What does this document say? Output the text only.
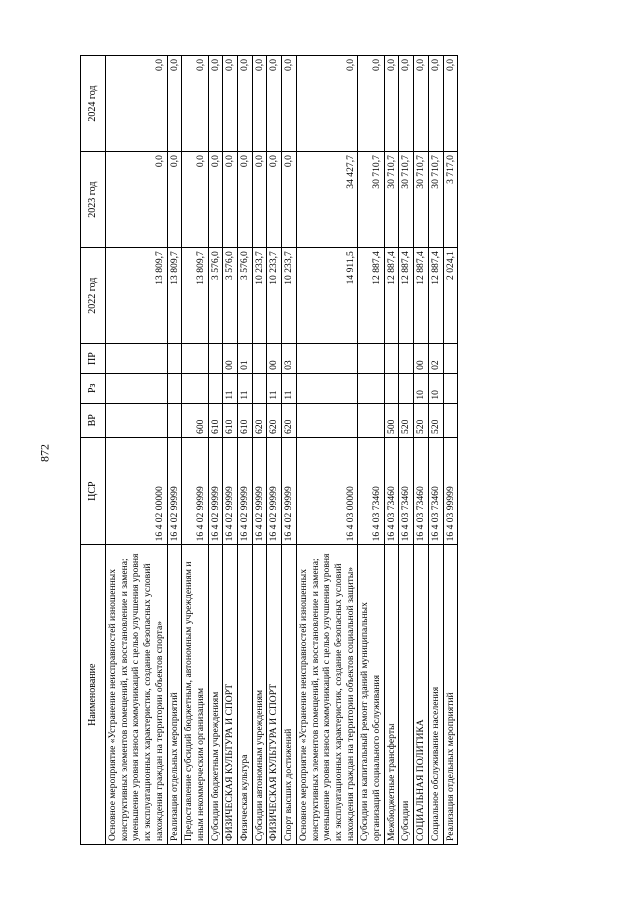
872
Наименование	ЦСР	ВР	Рз	ПР	2022 год	2023 год	2024 год
Основное мероприятие «Устранение неисправностей изношенных конструктивных элементов помещений, их восстановление и замена; уменьшение уровня износа коммуникаций с целью улучшения уровня их эксплуатационных характеристик, создание безопасных условий нахождения граждан на территории объектов спорта»	16 4 02 00000				13 809,7	0,0	0,0
Реализация отдельных мероприятий	16 4 02 99999				13 809,7	0,0	0,0
Предоставление субсидий бюджетным, автономным учреждениям и иным некоммерческим организациям	16 4 02 99999	600			13 809,7	0,0	0,0
Субсидии бюджетным учреждениям	16 4 02 99999	610			3 576,0	0,0	0,0
ФИЗИЧЕСКАЯ КУЛЬТУРА И СПОРТ	16 4 02 99999	610	11	00	3 576,0	0,0	0,0
Физическая культура	16 4 02 99999	610	11	01	3 576,0	0,0	0,0
Субсидии автономным учреждениям	16 4 02 99999	620			10 233,7	0,0	0,0
ФИЗИЧЕСКАЯ КУЛЬТУРА И СПОРТ	16 4 02 99999	620	11	00	10 233,7	0,0	0,0
Спорт высших достижений	16 4 02 99999	620	11	03	10 233,7	0,0	0,0
Основное мероприятие «Устранение неисправностей изношенных конструктивных элементов помещений, их восстановление и замена; уменьшение уровня износа коммуникаций с целью улучшения уровня их эксплуатационных характеристик, создание безопасных условий нахождения граждан на территории объектов социальной защиты»	16 4 03 00000				14 911,5	34 427,7	0,0
Субсидии на капитальный ремонт зданий муниципальных организаций социального обслуживания	16 4 03 73460				12 887,4	30 710,7	0,0
Межбюджетные трансферты	16 4 03 73460	500			12 887,4	30 710,7	0,0
Субсидии	16 4 03 73460	520			12 887,4	30 710,7	0,0
СОЦИАЛЬНАЯ ПОЛИТИКА	16 4 03 73460	520	10	00	12 887,4	30 710,7	0,0
Социальное обслуживание населения	16 4 03 73460	520	10	02	12 887,4	30 710,7	0,0
Реализация отдельных мероприятий	16 4 03 99999				2 024,1	3 717,0	0,0
